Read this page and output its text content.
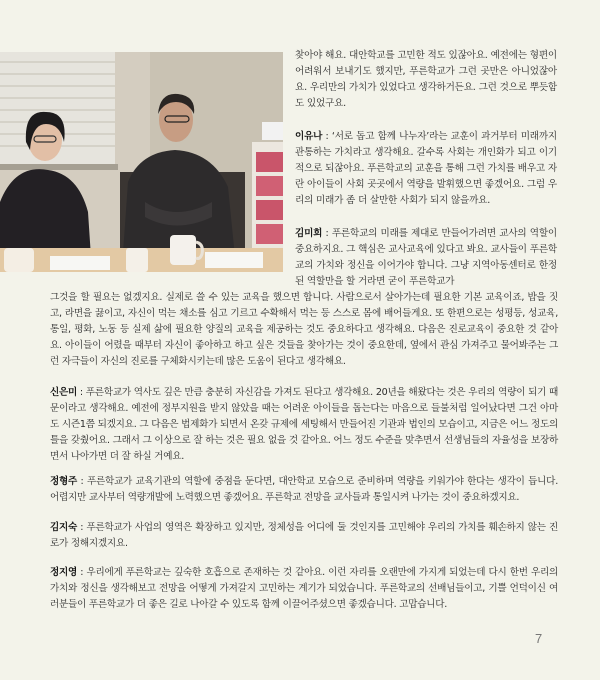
찾아야 해요. 대안학교를 고민한 적도 있잖아요. 예전에는 형편이 어려워서 보내기도 했지만, 푸른학교가 그런 곳만은 아니었잖아요. 우리만의 가치가 있었다고 생각하거든요. 그런 것으로 뿌듯함도 있었구요.

이유나 : ‘서로 돕고 함께 나누자’라는 교훈이 과거부터 미래까지 관통하는 가치라고 생각해요. 갈수록 사회는 개인화가 되고 이기적으로 되잖아요. 푸른학교의 교훈을 통해 그런 가치를 배우고 자란 아이들이 사회 곳곳에서 역량을 발휘했으면 좋겠어요. 그럼 우리의 미래가 좀 더 살만한 사회가 되지 않을까요.

김미희 : 푸른학교의 미래를 제대로 만들어가려면 교사의 역할이 중요하지요. 그 핵심은 교사교육에 있다고 봐요. 교사들이 푸른학교의 가치와 정신을 이어가야 합니다. 그냥 지역아동센터로 한정된 역할만을 할 거라면 굳이 푸른학교가

그것을 할 필요는 없겠지요. 실제로 쓸 수 있는 교육을 했으면 합니다. 사람으로서 살아가는데 필요한 기본 교육이죠, 밥을 짓고, 라면을 끓이고, 자신이 먹는 채소를 심고 기르고 수확해서 먹는 등 스스로 몸에 배어들게요. 또 한편으로는 성평등, 성교육, 통일, 평화, 노동 등 실제 삶에 필요한 양질의 교육을 제공하는 것도 중요하다고 생각해요. 다음은 진로교육이 중요한 것 같아요. 아이들이 어렸을 때부터 자신이 좋아하고 하고 싶은 것들을 찾아가는 것이 중요한데, 옆에서 관심 가져주고 물어봐주는 그런 자극들이 자신의 진로를 구체화시키는데 많은 도움이 된다고 생각해요.

신은미 : 푸른학교가 역사도 깊은 만큼 충분히 자신감을 가져도 된다고 생각해요. 20년을 해왔다는 것은 우리의 역량이 되기 때문이라고 생각해요. 예전에 정부지원을 받지 않았을 때는 어려운 아이들을 돕는다는 마음으로 들불처럼 일어났다면 그건 아마도 시즌1쯤 되겠지요. 그 다음은 법제화가 되면서 온갖 규제에 세팅해서 만들어진 기관과 법인의 모습이고, 지금은 어느 정도의 틀을 갖췄어요. 그래서 그 이상으로 잘 하는 것은 필요 없을 것 같아요. 어느 정도 수준을 맞추면서 선생님들의 자율성을 보장하면서 나아가면 더 잘 하실 거예요.

정형주 : 푸른학교가 교육기관의 역할에 중점을 둔다면, 대안학교 모습으로 준비하며 역량을 키워가야 한다는 생각이 듭니다. 어렵지만 교사부터 역량개발에 노력했으면 좋겠어요. 푸른학교 전망을 교사들과 통일시켜 나가는 것이 중요하겠지요.

김지숙 : 푸른학교가 사업의 영역은 확장하고 있지만, 정체성을 어디에 둘 것인지를 고민해야 우리의 가치를 훼손하지 않는 진로가 정해지겠지요.

정지영 : 우리에게 푸른학교는 깊숙한 호흡으로 존재하는 것 같아요. 이런 자리를 오랜만에 가지게 되었는데 다시 한번 우리의 가치와 정신을 생각해보고 전망을 어떻게 가져갈지 고민하는 계기가 되었습니다. 푸른학교의 선배님들이고, 기쁠 언덕이신 여러분들이 푸른학교가 더 좋은 길로 나아갈 수 있도록 함께 이끌어주셨으면 좋겠습니다. 고맙습니다.

7
